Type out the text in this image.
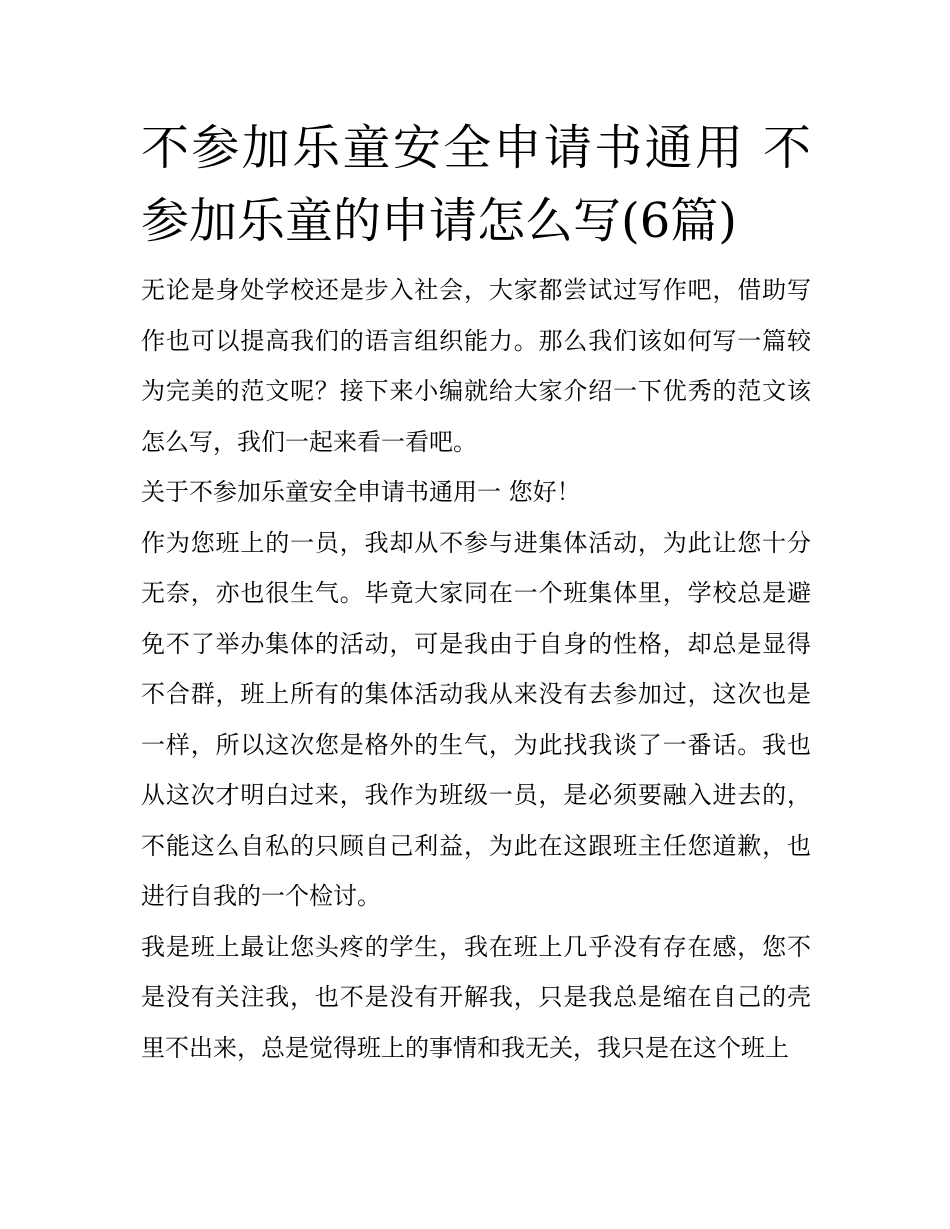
不参加乐童安全申请书通用 不参加乐童的申请怎么写(6篇)

无论是身处学校还是步入社会，大家都尝试过写作吧，借助写作也可以提高我们的语言组织能力。那么我们该如何写一篇较为完美的范文呢？接下来小编就给大家介绍一下优秀的范文该怎么写，我们一起来看一看吧。

关于不参加乐童安全申请书通用一 您好！

作为您班上的一员，我却从不参与进集体活动，为此让您十分无奈，亦也很生气。毕竟大家同在一个班集体里，学校总是避免不了举办集体的活动，可是我由于自身的性格，却总是显得不合群，班上所有的集体活动我从来没有去参加过，这次也是一样，所以这次您是格外的生气，为此找我谈了一番话。我也从这次才明白过来，我作为班级一员，是必须要融入进去的，不能这么自私的只顾自己利益，为此在这跟班主任您道歉，也进行自我的一个检讨。

我是班上最让您头疼的学生，我在班上几乎没有存在感，您不是没有关注我，也不是没有开解我，只是我总是缩在自己的壳里不出来，总是觉得班上的事情和我无关，我只是在这个班上
